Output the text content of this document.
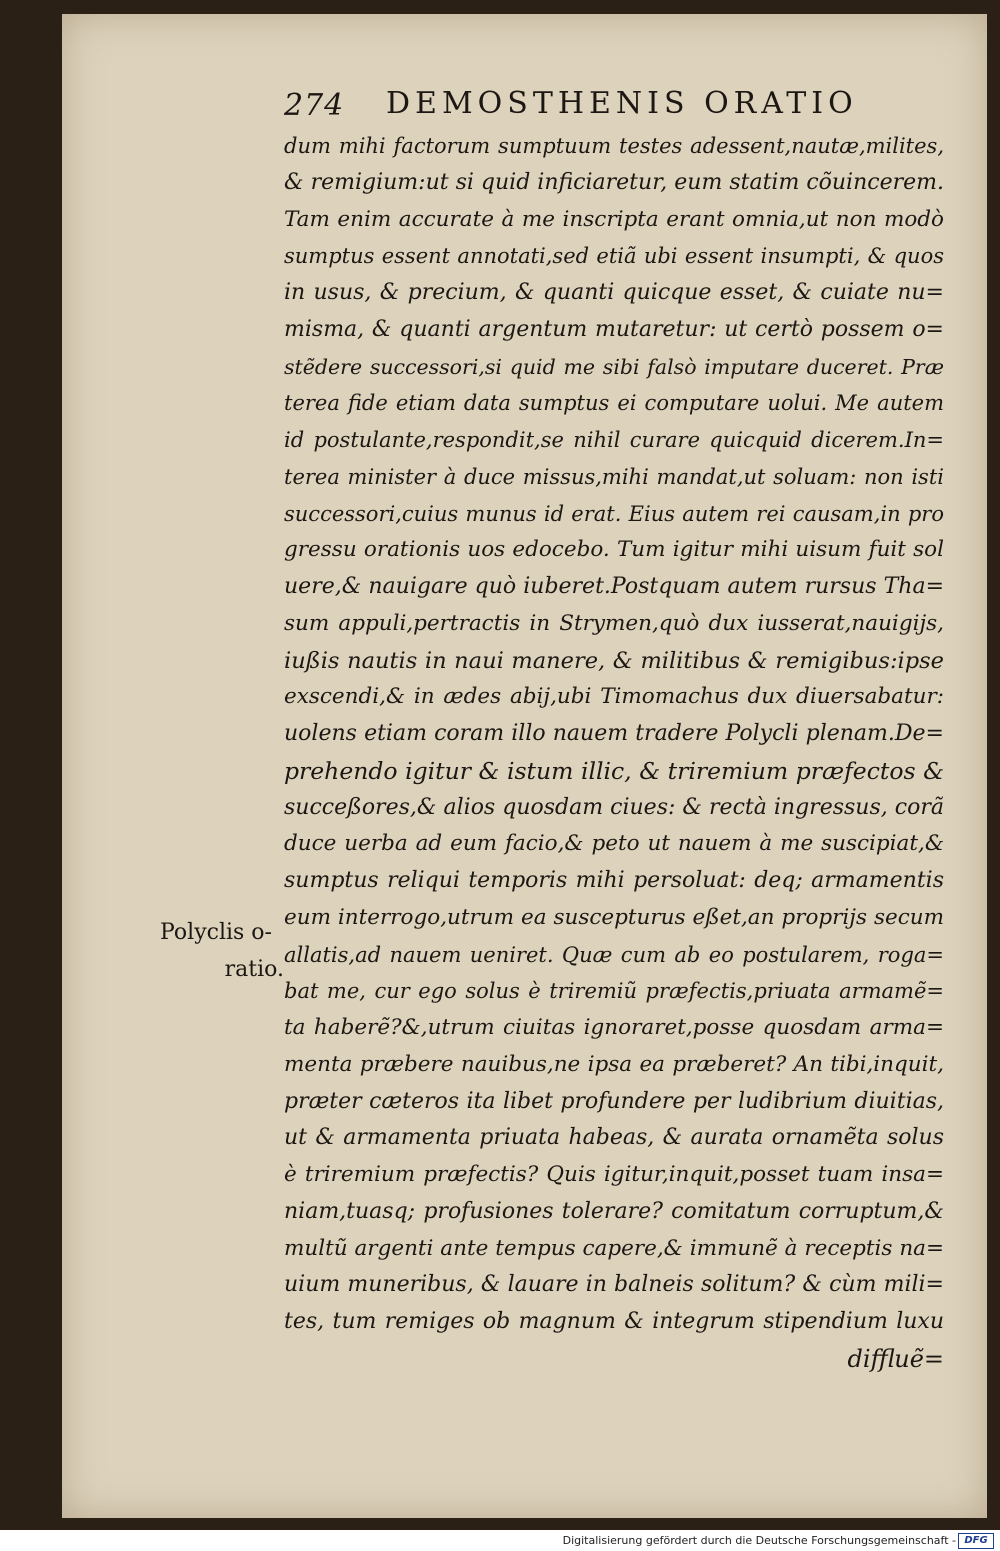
274 DEMOSTHENIS ORATIO
dum mihi factorum sumptuum testes adessent,nautæ,milites,
& remigium:ut si quid inficiaretur, eum statim cõuincerem.
Tam enim accurate à me inscripta erant omnia,ut non modò
sumptus essent annotati,sed etiã ubi essent insumpti, & quos
in usus, & precium, & quanti quicque esset, & cuiate nu=
misma, & quanti argentum mutaretur: ut certò possem o=
stẽdere successori,si quid me sibi falsò imputare duceret. Præ
terea fide etiam data sumptus ei computare uolui. Me autem
id postulante,respondit,se nihil curare quicquid dicerem.In=
terea minister à duce missus,mihi mandat,ut soluam: non isti
successori,cuius munus id erat. Eius autem rei causam,in pro
gressu orationis uos edocebo. Tum igitur mihi uisum fuit sol
uere,& nauigare quò iuberet.Postquam autem rursus Tha=
sum appuli,pertractis in Strymen,quò dux iusserat,nauigijs,
iußis nautis in naui manere, & militibus & remigibus:ipse
exscendi,& in ædes abij,ubi Timomachus dux diuersabatur:
uolens etiam coram illo nauem tradere Polycli plenam.De=
prehendo igitur & istum illic, & triremium præfectos &
succeßores,& alios quosdam ciues: & rectà ingressus, corã
duce uerba ad eum facio,& peto ut nauem à me suscipiat,&
sumptus reliqui temporis mihi persoluat: deq; armamentis
eum interrogo,utrum ea suscepturus eßet,an proprijs secum
allatis,ad nauem ueniret. Quæ cum ab eo postularem, roga=
bat me, cur ego solus è triremiũ præfectis,priuata armamẽ=
ta haberẽ?&,utrum ciuitas ignoraret,posse quosdam arma=
menta præbere nauibus,ne ipsa ea præberet? An tibi,inquit,
præter cæteros ita libet profundere per ludibrium diuitias,
ut & armamenta priuata habeas, & aurata ornamẽta solus
è triremium præfectis? Quis igitur,inquit,posset tuam insa=
niam,tuasq; profusiones tolerare? comitatum corruptum,&
multũ argenti ante tempus capere,& immunẽ à receptis na=
uium muneribus, & lauare in balneis solitum? & cùm mili=
tes, tum remiges ob magnum & integrum stipendium luxu
diffluẽ=
Polyclis o-
ratio.
Digitalisierung gefördert durch die Deutsche Forschungsgemeinschaft - DFG
